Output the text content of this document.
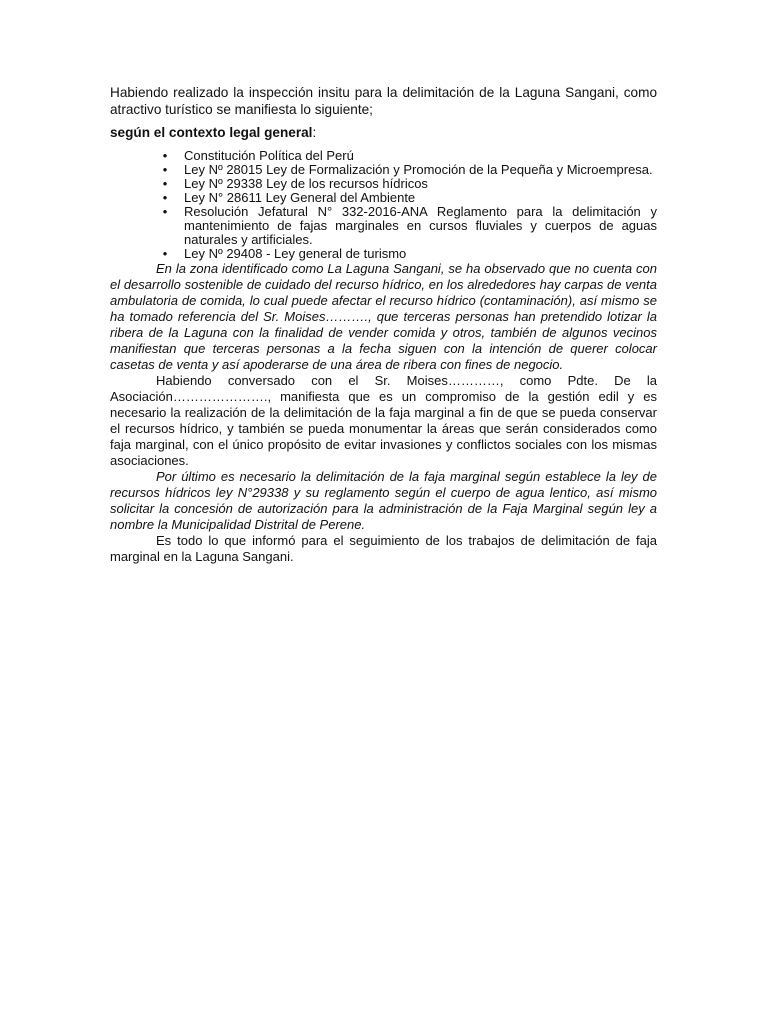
Habiendo realizado la inspección insitu para la delimitación de la Laguna Sangani, como atractivo turístico se manifiesta lo siguiente;

según el contexto legal general:

• Constitución Política del Perú
• Ley Nº 28015 Ley de Formalización y Promoción de la Pequeña y Microempresa.
• Ley Nº 29338 Ley de los recursos hídricos
• Ley N° 28611 Ley General del Ambiente
• Resolución Jefatural N° 332-2016-ANA Reglamento para la delimitación y mantenimiento de fajas marginales en cursos fluviales y cuerpos de aguas naturales y artificiales.
• Ley Nº 29408 - Ley general de turismo

En la zona identificado como La Laguna Sangani, se ha observado que no cuenta con el desarrollo sostenible de cuidado del recurso hídrico, en los alrededores hay carpas de venta ambulatoria de comida, lo cual puede afectar el recurso hídrico (contaminación), así mismo se ha tomado referencia del Sr. Moises………., que terceras personas han pretendido lotizar la ribera de la Laguna con la finalidad de vender comida y otros, también de algunos vecinos manifiestan que terceras personas a la fecha siguen con la intención de querer colocar casetas de venta y así apoderarse de una área de ribera con fines de negocio.

Habiendo conversado con el Sr. Moises…………, como Pdte. De la Asociación…………………., manifiesta que es un compromiso de la gestión edil y es necesario la realización de la delimitación de la faja marginal a fin de que se pueda conservar el recursos hídrico, y también se pueda monumentar la áreas que serán considerados como faja marginal, con el único propósito de evitar invasiones y conflictos sociales con los mismas asociaciones.

Por último es necesario la delimitación de la faja marginal según establece la ley de recursos hídricos ley N°29338 y su reglamento según el cuerpo de agua lentico, así mismo solicitar la concesión de autorización para la administración de la Faja Marginal según ley a nombre la Municipalidad Distrital de Perene.

Es todo lo que informó para el seguimiento de los trabajos de delimitación de faja marginal en la Laguna Sangani.
